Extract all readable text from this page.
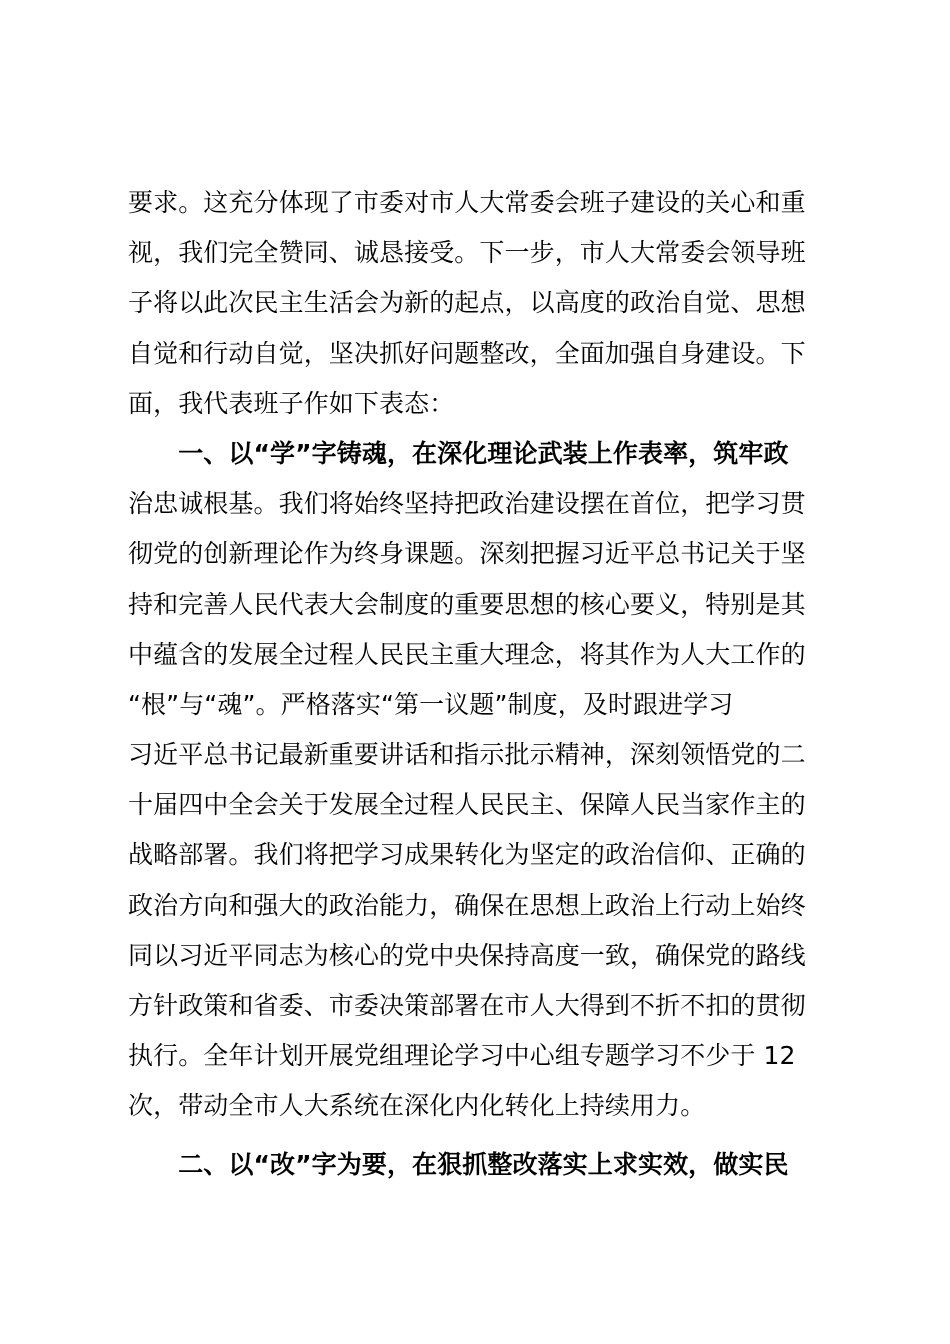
要求。这充分体现了市委对市人大常委会班子建设的关心和重
视，我们完全赞同、诚恳接受。下一步，市人大常委会领导班
子将以此次民主生活会为新的起点，以高度的政治自觉、思想
自觉和行动自觉，坚决抓好问题整改，全面加强自身建设。下
面，我代表班子作如下表态：
　　一、以“学”字铸魂，在深化理论武装上作表率，筑牢政
治忠诚根基。我们将始终坚持把政治建设摆在首位，把学习贯
彻党的创新理论作为终身课题。深刻把握习近平总书记关于坚
持和完善人民代表大会制度的重要思想的核心要义，特别是其
中蕴含的发展全过程人民民主重大理念，将其作为人大工作的
“根”与“魂”。严格落实“第一议题”制度，及时跟进学习
习近平总书记最新重要讲话和指示批示精神，深刻领悟党的二
十届四中全会关于发展全过程人民民主、保障人民当家作主的
战略部署。我们将把学习成果转化为坚定的政治信仰、正确的
政治方向和强大的政治能力，确保在思想上政治上行动上始终
同以习近平同志为核心的党中央保持高度一致，确保党的路线
方针政策和省委、市委决策部署在市人大得到不折不扣的贯彻
执行。全年计划开展党组理论学习中心组专题学习不少于 12
次，带动全市人大系统在深化内化转化上持续用力。
　　二、以“改”字为要，在狠抓整改落实上求实效，做实民
